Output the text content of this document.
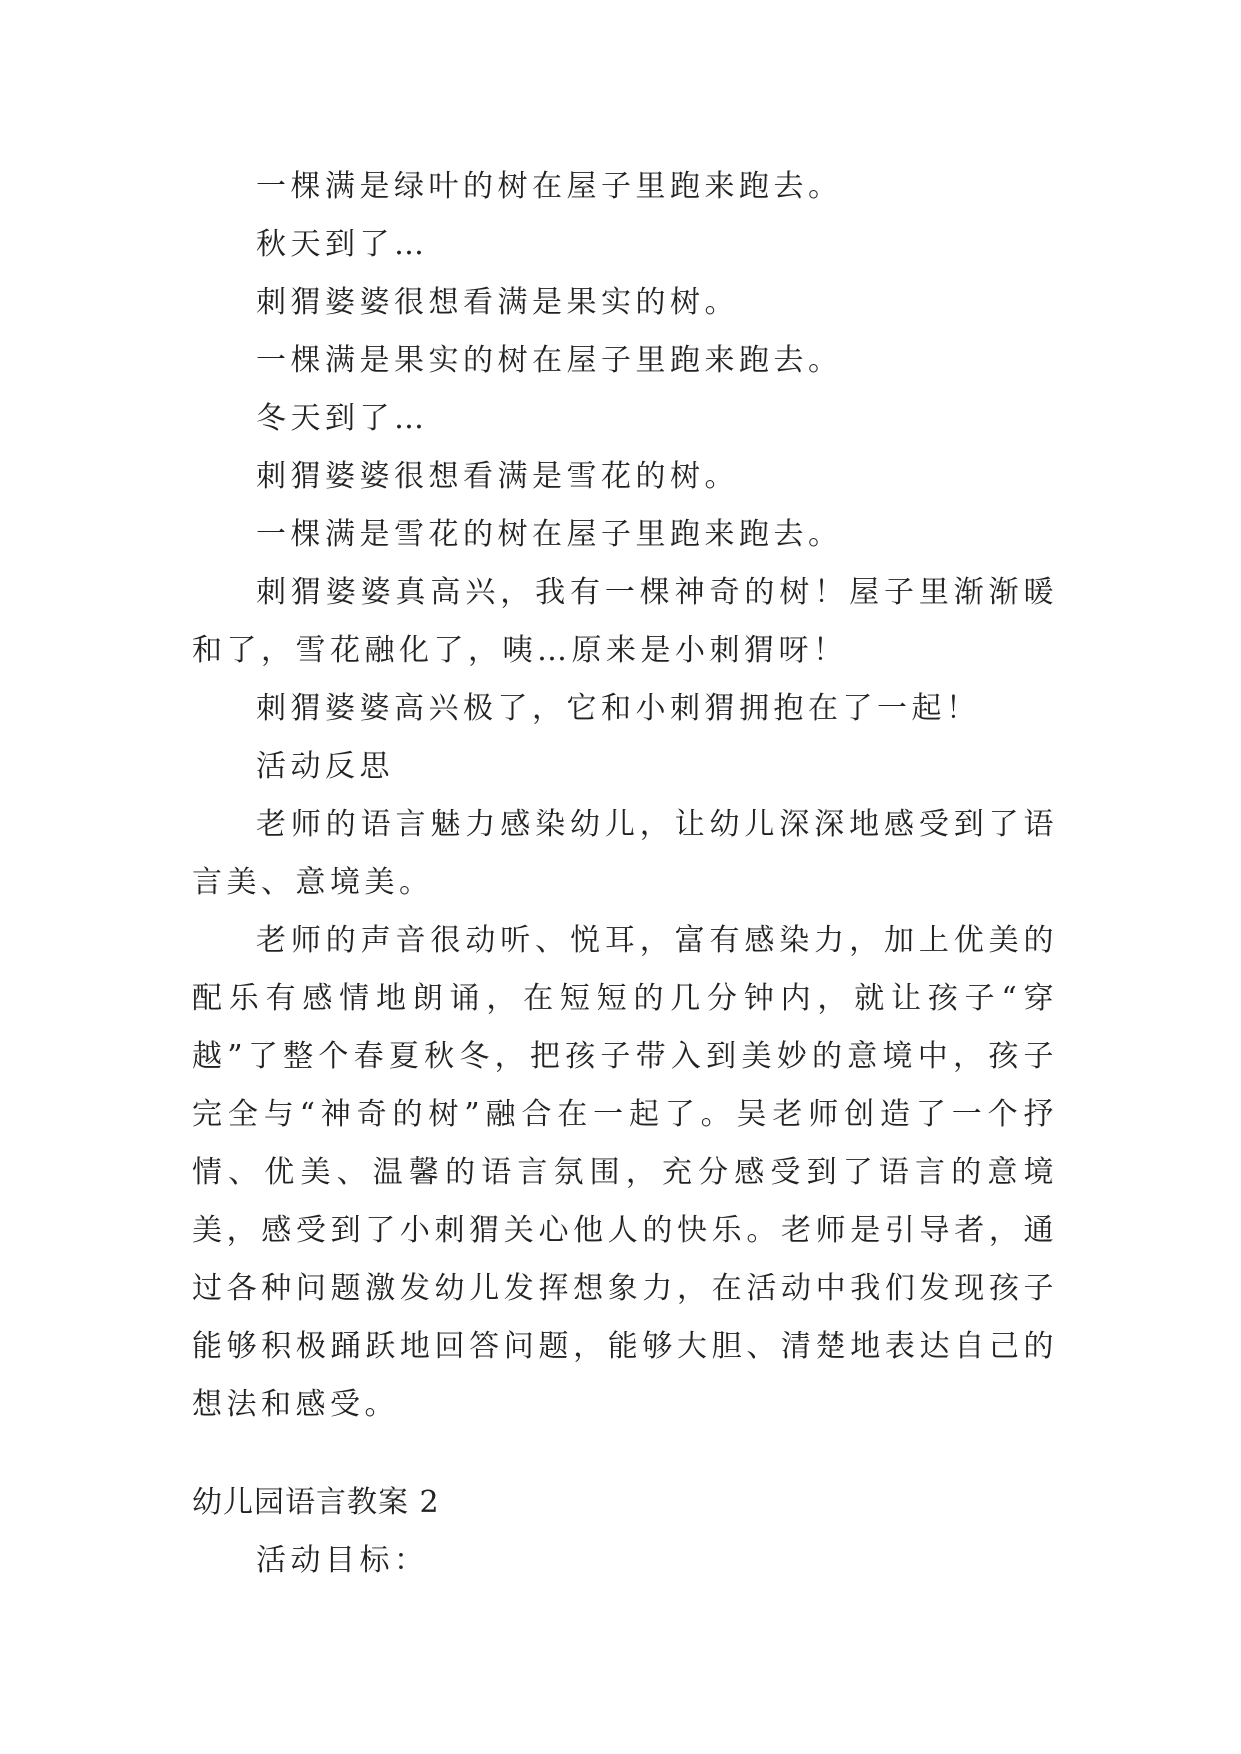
一棵满是绿叶的树在屋子里跑来跑去。

秋天到了…

刺猬婆婆很想看满是果实的树。

一棵满是果实的树在屋子里跑来跑去。

冬天到了…

刺猬婆婆很想看满是雪花的树。

一棵满是雪花的树在屋子里跑来跑去。

刺猬婆婆真高兴，我有一棵神奇的树！屋子里渐渐暖和了，雪花融化了，咦…原来是小刺猬呀！

刺猬婆婆高兴极了，它和小刺猬拥抱在了一起！

活动反思

老师的语言魅力感染幼儿，让幼儿深深地感受到了语言美、意境美。

老师的声音很动听、悦耳，富有感染力，加上优美的配乐有感情地朗诵，在短短的几分钟内，就让孩子“穿越”了整个春夏秋冬，把孩子带入到美妙的意境中，孩子完全与“神奇的树”融合在一起了。吴老师创造了一个抒情、优美、温馨的语言氛围，充分感受到了语言的意境美，感受到了小刺猬关心他人的快乐。老师是引导者，通过各种问题激发幼儿发挥想象力，在活动中我们发现孩子能够积极踊跃地回答问题，能够大胆、清楚地表达自己的想法和感受。

幼儿园语言教案 2

活动目标：
